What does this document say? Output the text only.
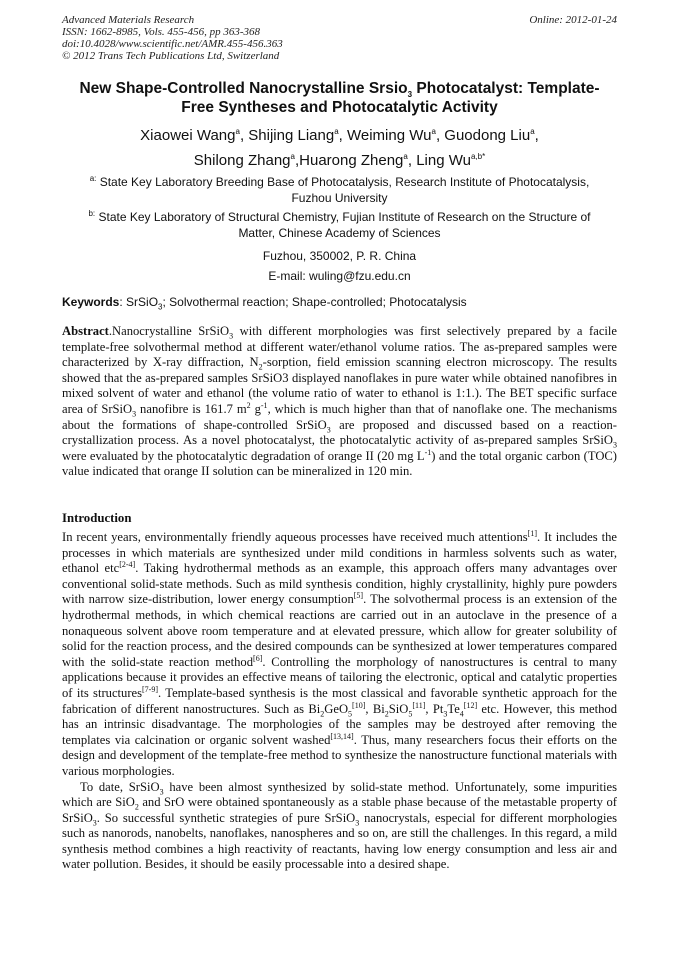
Advanced Materials Research
ISSN: 1662-8985, Vols. 455-456, pp 363-368
doi:10.4028/www.scientific.net/AMR.455-456.363
© 2012 Trans Tech Publications Ltd, Switzerland
Online: 2012-01-24
New Shape-Controlled Nanocrystalline Srsio$_3$ Photocatalyst: Template-
Free Syntheses and Photocatalytic Activity
Xiaowei Wang$^a$, Shijing Liang$^a$, Weiming Wu$^a$, Guodong Liu$^a$,
Shilong Zhang$^a$,Huarong Zheng$^a$, Ling $Wu^{a,b*}$
$^{a:}$ State Key Laboratory Breeding Base of Photocatalysis, Research Institute of Photocatalysis,
Fuzhou University
$^{b:}$ State Key Laboratory of Structural Chemistry, Fujian Institute of Research on the Structure of
Matter, Chinese Academy of Sciences
Fuzhou, 350002, P. R. China
E-mail: wuling@fzu.edu.cn
Keywords: SrSiO$_3$; Solvothermal reaction; Shape-controlled; Photocatalysis
Abstract.Nanocrystalline SrSiO$_3$ with different morphologies was first selectively prepared by a facile template-free solvothermal method at different water/ethanol volume ratios. The as-prepared samples were characterized by X-ray diffraction, $N_2$-sorption, field emission scanning electron microscopy. The results showed that the as-prepared samples SrSiO3 displayed nanoflakes in pure water while obtained nanofibres in mixed solvent of water and ethanol (the volume ratio of water to ethanol is 1:1.). The BET specific surface area of SrSiO$_3$ nanofibre is 161.7 $m^2$ $g^{-1}$, which is much higher than that of nanoflake one. The mechanisms about the formations of shape-controlled SrSiO$_3$ are proposed and discussed based on a reaction-crystallization process. As a novel photocatalyst, the photocatalytic activity of as-prepared samples SrSiO$_3$ were evaluated by the photocatalytic degradation of orange II (20 mg $L^{-1}$) and the total organic carbon (TOC) value indicated that orange II solution can be mineralized in 120 min.
Introduction

In recent years, environmentally friendly aqueous processes have received much attentions[1]. It includes the processes in which materials are synthesized under mild conditions in harmless solvents such as water, ethanol etc[2-4]. Taking hydrothermal methods as an example, this approach offers many advantages over conventional solid-state methods. Such as mild synthesis condition, highly crystallinity, highly pure powders with narrow size-distribution, lower energy consumption[5]. The solvothermal process is an extension of the hydrothermal methods, in which chemical reactions are carried out in an autoclave in the presence of a nonaqueous solvent above room temperature and at elevated pressure, which allow for greater solubility of solid for the reaction process, and the desired compounds can be synthesized at lower temperatures compared with the solid-state reaction method[6]. Controlling the morphology of nanostructures is central to many applications because it provides an effective means of tailoring the electronic, optical and catalytic properties of its structures[7-9]. Template-based synthesis is the most classical and favorable synthetic approach for the fabrication of different nanostructures. Such as $Bi_2GeO_5[10]$, $Bi_2SiO_5[11]$, $Pt_3Te_4[12]$ etc. However, this method has an intrinsic disadvantage. The morphologies of the samples may be destroyed after removing the templates via calcination or organic solvent washed[13,14]. Thus, many researchers focus their efforts on the design and development of the template-free method to synthesize the nanostructure functional materials with various morphologies.

To date, SrSiO$_3$ have been almost synthesized by solid-state method. Unfortunately, some impurities which are SiO$_2$ and SrO were obtained spontaneously as a stable phase because of the metastable property of SrSiO$_3$. So successful synthetic strategies of pure SrSiO$_3$ nanocrystals, especial for different morphologies such as nanorods, nanobelts, nanoflakes, nanospheres and so on, are still the challenges. In this regard, a mild synthesis method combines a high reactivity of reactants, having low energy consumption and less air and water pollution. Besides, it should be easily processable into a desired shape.
